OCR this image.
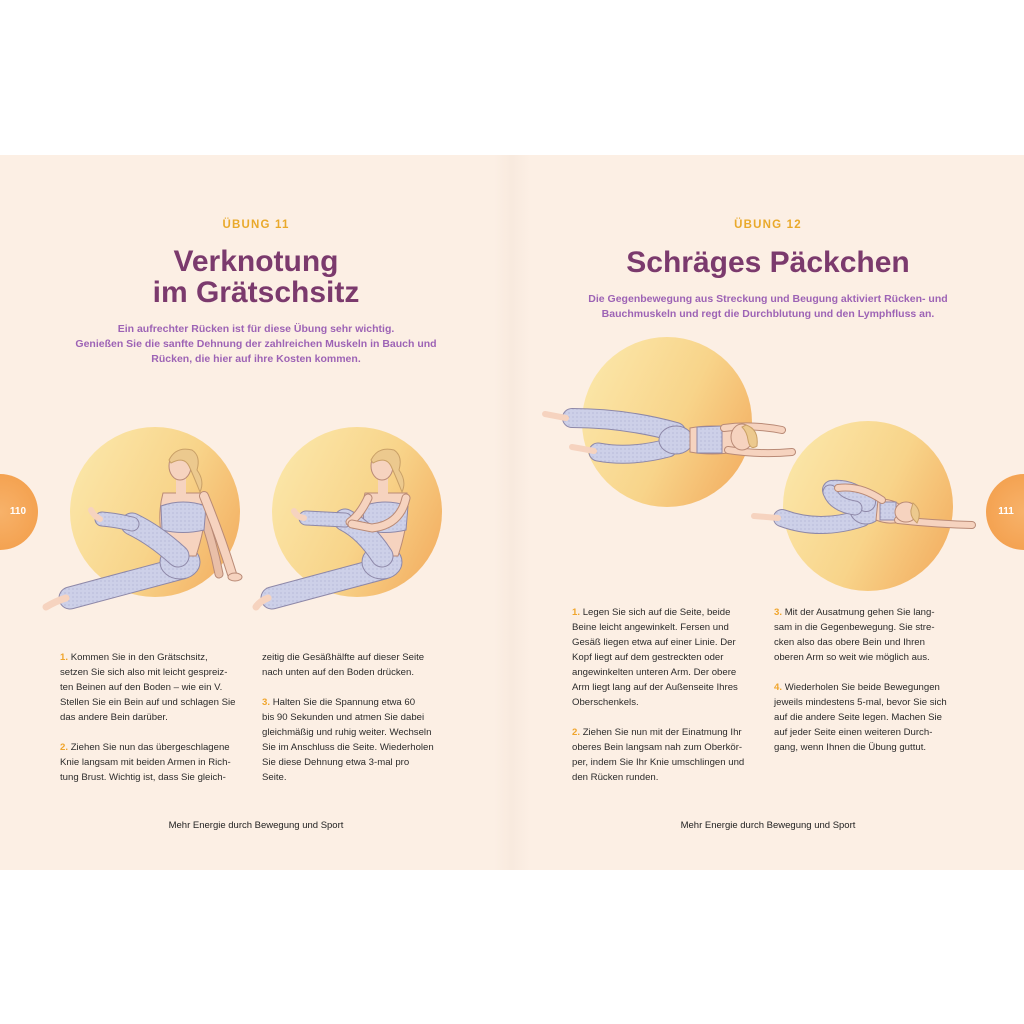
110	111
ÜBUNG 11
Verknotung
im Grätschsitz
Ein aufrechter Rücken ist für diese Übung sehr wichtig.
Genießen Sie die sanfte Dehnung der zahlreichen Muskeln in Bauch und
Rücken, die hier auf ihre Kosten kommen.
1. Kommen Sie in den Grätschsitz,
setzen Sie sich also mit leicht gespreiz-
ten Beinen auf den Boden – wie ein V.
Stellen Sie ein Bein auf und schlagen Sie
das andere Bein darüber.
2. Ziehen Sie nun das übergeschlagene
Knie langsam mit beiden Armen in Rich-
tung Brust. Wichtig ist, dass Sie gleich-
zeitig die Gesäßhälfte auf dieser Seite
nach unten auf den Boden drücken.
3. Halten Sie die Spannung etwa 60
bis 90 Sekunden und atmen Sie dabei
gleichmäßig und ruhig weiter. Wechseln
Sie im Anschluss die Seite. Wiederholen
Sie diese Dehnung etwa 3-mal pro
Seite.
Mehr Energie durch Bewegung und Sport
ÜBUNG 12
Schräges Päckchen
Die Gegenbewegung aus Streckung und Beugung aktiviert Rücken- und
Bauchmuskeln und regt die Durchblutung und den Lymphfluss an.
1. Legen Sie sich auf die Seite, beide
Beine leicht angewinkelt. Fersen und
Gesäß liegen etwa auf einer Linie. Der
Kopf liegt auf dem gestreckten oder
angewinkelten unteren Arm. Der obere
Arm liegt lang auf der Außenseite Ihres
Oberschenkels.
2. Ziehen Sie nun mit der Einatmung Ihr
oberes Bein langsam nah zum Oberkör-
per, indem Sie Ihr Knie umschlingen und
den Rücken runden.
3. Mit der Ausatmung gehen Sie lang-
sam in die Gegenbewegung. Sie stre-
cken also das obere Bein und Ihren
oberen Arm so weit wie möglich aus.
4. Wiederholen Sie beide Bewegungen
jeweils mindestens 5-mal, bevor Sie sich
auf die andere Seite legen. Machen Sie
auf jeder Seite einen weiteren Durch-
gang, wenn Ihnen die Übung guttut.
Mehr Energie durch Bewegung und Sport
